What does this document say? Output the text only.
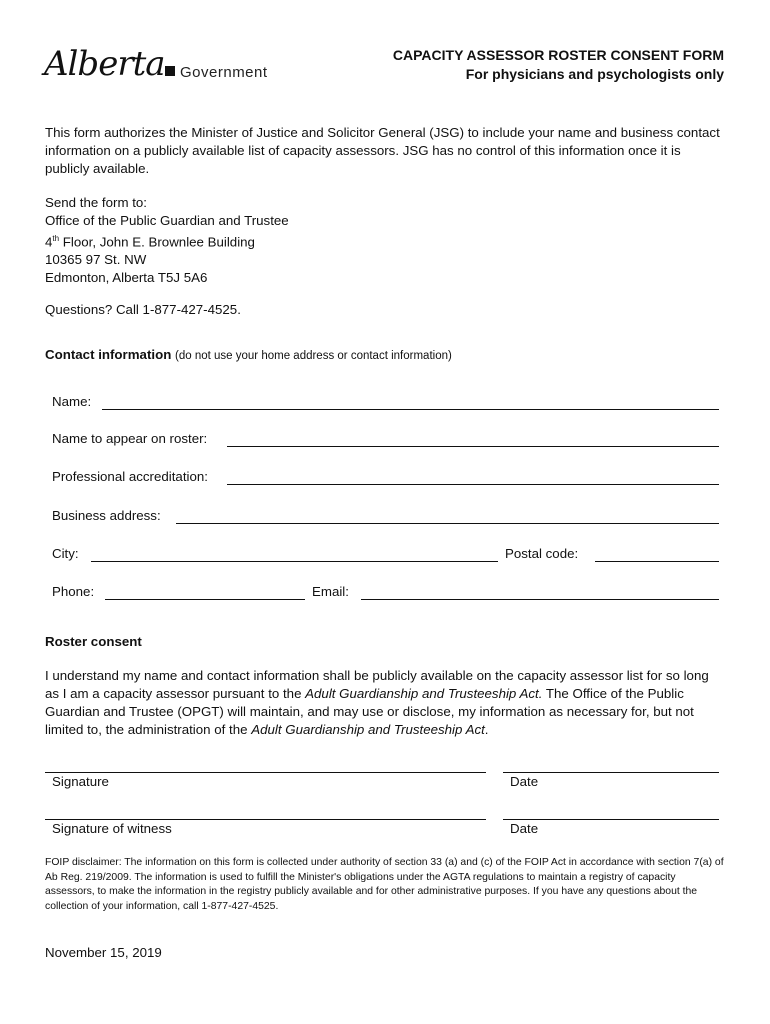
Alberta Government
CAPACITY ASSESSOR ROSTER CONSENT FORM
For physicians and psychologists only

This form authorizes the Minister of Justice and Solicitor General (JSG) to include your name and business contact information on a publicly available list of capacity assessors. JSG has no control of this information once it is publicly available.

Send the form to:
Office of the Public Guardian and Trustee
4th Floor, John E. Brownlee Building
10365 97 St. NW
Edmonton, Alberta T5J 5A6

Questions? Call 1-877-427-4525.

Contact information (do not use your home address or contact information)

Name:
Name to appear on roster:
Professional accreditation:
Business address:
City:	Postal code:
Phone:	Email:

Roster consent

I understand my name and contact information shall be publicly available on the capacity assessor list for so long as I am a capacity assessor pursuant to the Adult Guardianship and Trusteeship Act. The Office of the Public Guardian and Trustee (OPGT) will maintain, and may use or disclose, my information as necessary for, but not limited to, the administration of the Adult Guardianship and Trusteeship Act.

Signature	Date
Signature of witness	Date

FOIP disclaimer: The information on this form is collected under authority of section 33 (a) and (c) of the FOIP Act in accordance with section 7(a) of Ab Reg. 219/2009. The information is used to fulfill the Minister's obligations under the AGTA regulations to maintain a registry of capacity assessors, to make the information in the registry publicly available and for other administrative purposes. If you have any questions about the collection of your information, call 1-877-427-4525.

November 15, 2019
